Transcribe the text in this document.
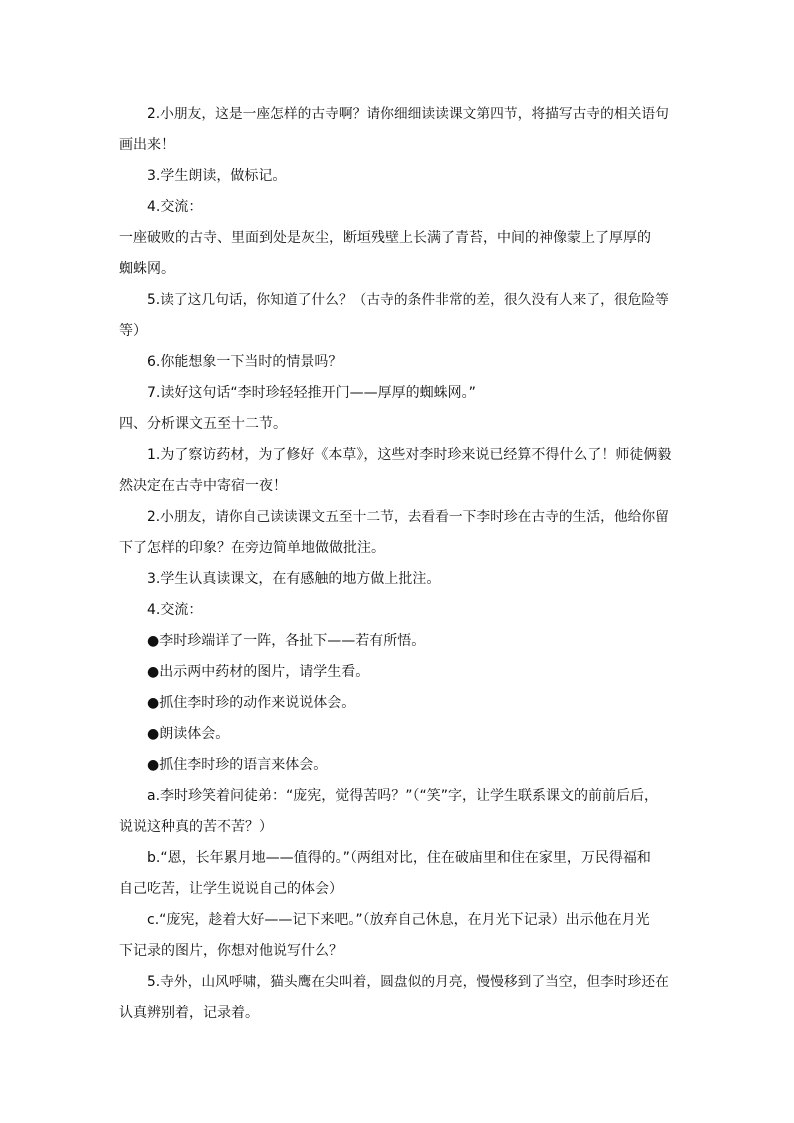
2.小朋友，这是一座怎样的古寺啊？请你细细读读课文第四节，将描写古寺的相关语句
画出来！
3.学生朗读，做标记。
4.交流：
一座破败的古寺、里面到处是灰尘，断垣残壁上长满了青苔，中间的神像蒙上了厚厚的
蜘蛛网。
5.读了这几句话，你知道了什么？（古寺的条件非常的差，很久没有人来了，很危险等
等）
6.你能想象一下当时的情景吗？
7.读好这句话“李时珍轻轻推开门——厚厚的蜘蛛网。”
四、分析课文五至十二节。
1.为了察访药材，为了修好《本草》，这些对李时珍来说已经算不得什么了！师徒俩毅
然决定在古寺中寄宿一夜！
2.小朋友，请你自己读读课文五至十二节，去看看一下李时珍在古寺的生活，他给你留
下了怎样的印象？在旁边简单地做做批注。
3.学生认真读课文，在有感触的地方做上批注。
4.交流：
●李时珍端详了一阵，各扯下——若有所悟。
●出示两中药材的图片，请学生看。
●抓住李时珍的动作来说说体会。
●朗读体会。
●抓住李时珍的语言来体会。
a.李时珍笑着问徒弟：“庞宪，觉得苦吗？”（“笑”字，让学生联系课文的前前后后，
说说这种真的苦不苦？）
b.“恩，长年累月地——值得的。”（两组对比，住在破庙里和住在家里，万民得福和
自己吃苦，让学生说说自己的体会）
c.“庞宪，趁着大好——记下来吧。”（放弃自己休息，在月光下记录）出示他在月光
下记录的图片，你想对他说写什么？
5.寺外，山风呼啸，猫头鹰在尖叫着，圆盘似的月亮，慢慢移到了当空，但李时珍还在
认真辨别着，记录着。
